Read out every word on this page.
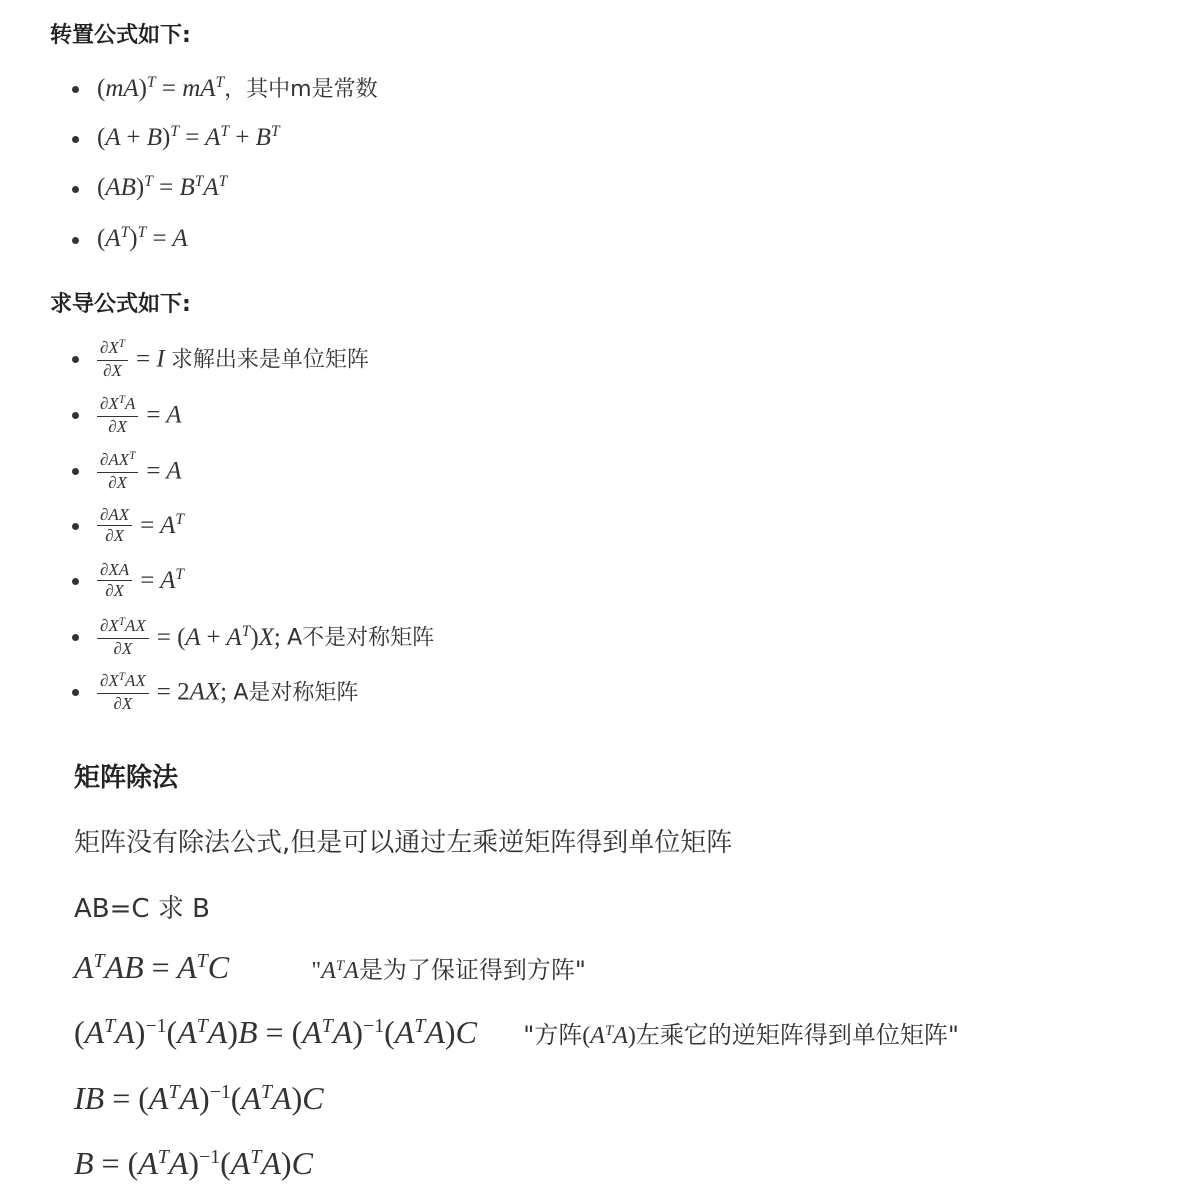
转置公式如下:
$(mA)^T = mA^T$，其中m是常数
$(A + B)^T = A^T + B^T$
$(AB)^T = B^TA^T$
$(A^T)^T = A$
求导公式如下:
$\frac{\partial X^T}{\partial X} = I$ 求解出来是单位矩阵
$\frac{\partial X^TA}{\partial X} = A$
$\frac{\partial AX^T}{\partial X} = A$
$\frac{\partial AX}{\partial X} = A^T$
$\frac{\partial XA}{\partial X} = A^T$
$\frac{\partial X^TAX}{\partial X} = (A + A^T)X$; A不是对称矩阵
$\frac{\partial X^TAX}{\partial X} = 2AX$; A是对称矩阵
矩阵除法
矩阵没有除法公式,但是可以通过左乘逆矩阵得到单位矩阵
AB=C 求 B
$A^TAB = A^TC$	"$A^TA$是为了保证得到方阵"
$(A^TA)^{-1}(A^TA)B = (A^TA)^{-1}(A^TA)C$ "方阵$(A^TA)$左乘它的逆矩阵得到单位矩阵"
IB = $(A^TA)^{-1}(A^TA)C$
$B = (A^TA)^{-1}(A^TA)C$
